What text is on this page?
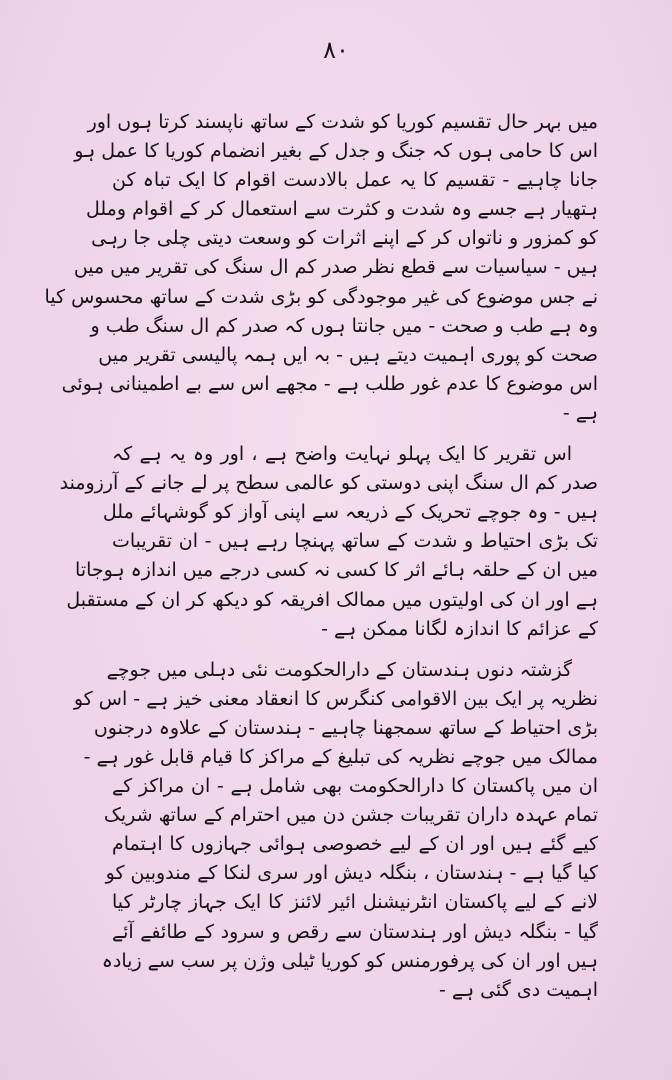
۸۰
میں بہر حال تقسیم کوریا کو شدت کے ساتھ ناپسند کرتا ہوں اور
اس کا حامی ہوں کہ جنگ و جدل کے بغیر انضمام کوریا کا عمل ہو
جانا چاہیے - تقسیم کا یہ عمل بالادست اقوام کا ایک تباہ کن
ہتھیار ہے جسے وہ شدت و کثرت سے استعمال کر کے اقوام وملل
کو کمزور و ناتواں کر کے اپنے اثرات کو وسعت دیتی چلی جا رہی
ہیں - سیاسیات سے قطع نظر صدر کم ال سنگ کی تقریر میں میں
نے جس موضوع کی غیر موجودگی کو بڑی شدت کے ساتھ محسوس کیا
وہ ہے طب و صحت - میں جانتا ہوں کہ صدر کم ال سنگ طب و
صحت کو پوری اہمیت دیتے ہیں - بہ ایں ہمہ پالیسی تقریر میں
اس موضوع کا عدم غور طلب ہے - مجھے اس سے بے اطمینانی ہوئی
ہے -
اس تقریر کا ایک پہلو نہایت واضح ہے ، اور وہ یہ ہے کہ
صدر کم ال سنگ اپنی دوستی کو عالمی سطح پر لے جانے کے آرزومند
ہیں - وہ جوچے تحریک کے ذریعہ سے اپنی آواز کو گوشہائے ملل
تک بڑی احتیاط و شدت کے ساتھ پہنچا رہے ہیں - ان تقریبات
میں ان کے حلقہ ہائے اثر کا کسی نہ کسی درجے میں اندازہ ہوجاتا
ہے اور ان کی اولیتوں میں ممالک افریقہ کو دیکھ کر ان کے مستقبل
کے عزائم کا اندازہ لگانا ممکن ہے -
گزشتہ دنوں ہندستان کے دارالحکومت نئی دہلی میں جوچے
نظریہ پر ایک بین الاقوامی کنگرس کا انعقاد معنی خیز ہے - اس کو
بڑی احتیاط کے ساتھ سمجھنا چاہیے - ہندستان کے علاوہ درجنوں
ممالک میں جوچے نظریہ کی تبلیغ کے مراکز کا قیام قابل غور ہے -
ان میں پاکستان کا دارالحکومت بھی شامل ہے - ان مراکز کے
تمام عہدہ داران تقریبات جشن دن میں احترام کے ساتھ شریک
کیے گئے ہیں اور ان کے لیے خصوصی ہوائی جہازوں کا اہتمام
کیا گیا ہے - ہندستان ، بنگلہ دیش اور سری لنکا کے مندوبین کو
لانے کے لیے پاکستان انٹرنیشنل ائیر لائنز کا ایک جہاز چارٹر کیا
گیا - بنگلہ دیش اور ہندستان سے رقص و سرود کے طائفے آئے
ہیں اور ان کی پرفورمنس کو کوریا ٹیلی وژن پر سب سے زیادہ
اہمیت دی گئی ہے -
